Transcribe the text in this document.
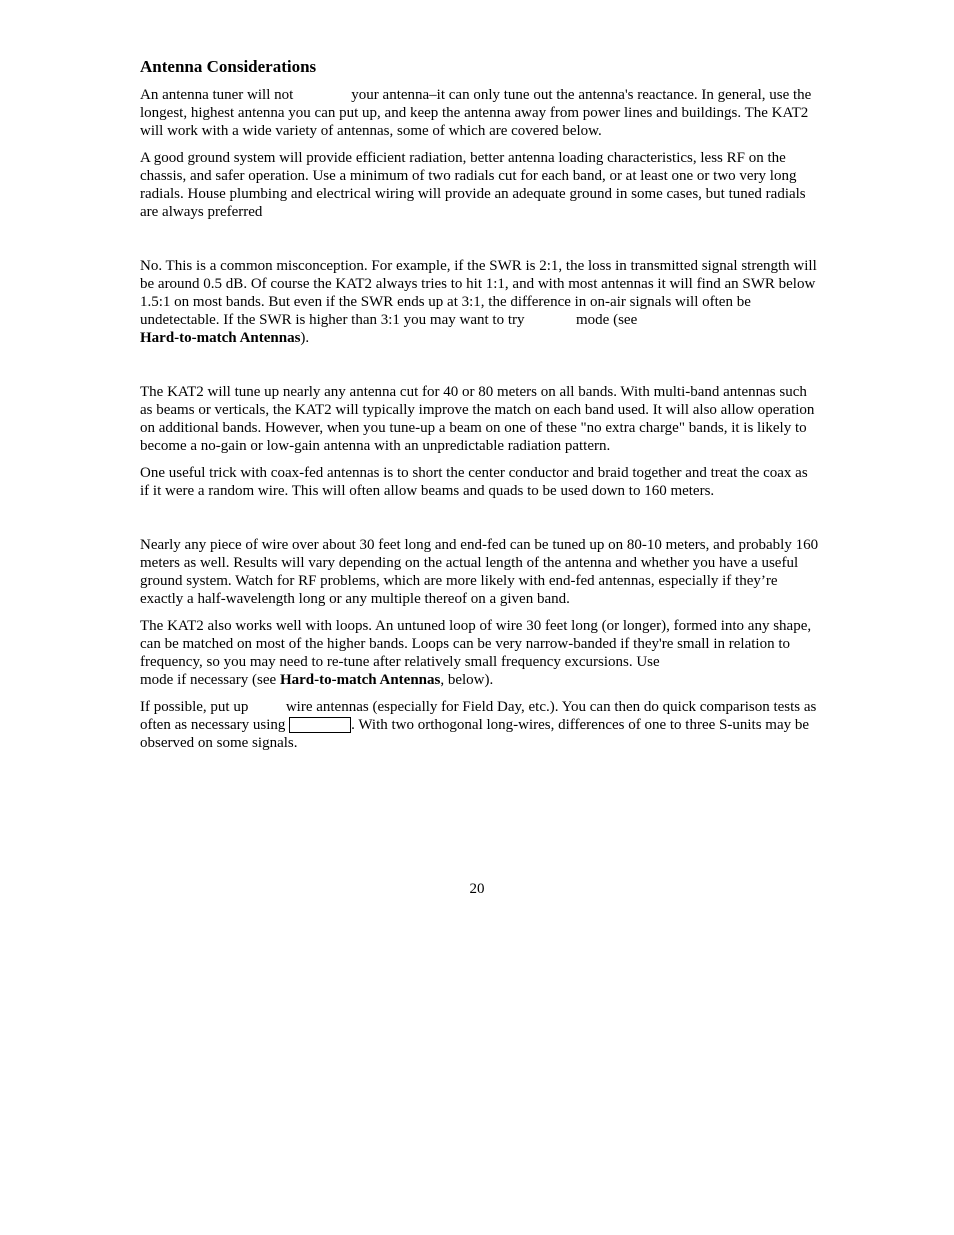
Antenna Considerations

An antenna tuner will not	your antenna–it can only tune out the antenna's reactance. In general, use the longest, highest antenna you can put up, and keep the antenna away from power lines and buildings. The KAT2 will work with a wide variety of antennas, some of which are covered below.

A good ground system will provide efficient radiation, better antenna loading characteristics, less RF on the chassis, and safer operation. Use a minimum of two radials cut for each band, or at least one or two very long radials. House plumbing and electrical wiring will provide an adequate ground in some cases, but tuned radials are always preferred

No. This is a common misconception. For example, if the SWR is 2:1, the loss in transmitted signal strength will be around 0.5 dB. Of course the KAT2 always tries to hit 1:1, and with most antennas it will find an SWR below 1.5:1 on most bands. But even if the SWR ends up at 3:1, the difference in on-air signals will often be undetectable. If the SWR is higher than 3:1 you may want to try	mode (see
Hard-to-match Antennas).

The KAT2 will tune up nearly any antenna cut for 40 or 80 meters on all bands. With multi-band antennas such as beams or verticals, the KAT2 will typically improve the match on each band used. It will also allow operation on additional bands. However, when you tune-up a beam on one of these "no extra charge" bands, it is likely to become a no-gain or low-gain antenna with an unpredictable radiation pattern.

One useful trick with coax-fed antennas is to short the center conductor and braid together and treat the coax as if it were a random wire. This will often allow beams and quads to be used down to 160 meters.

Nearly any piece of wire over about 30 feet long and end-fed can be tuned up on 80-10 meters, and probably 160 meters as well. Results will vary depending on the actual length of the antenna and whether you have a useful ground system. Watch for RF problems, which are more likely with end-fed antennas, especially if they’re exactly a half-wavelength long or any multiple thereof on a given band.

The KAT2 also works well with loops. An untuned loop of wire 30 feet long (or longer), formed into any shape, can be matched on most of the higher bands. Loops can be very narrow-banded if they're small in relation to frequency, so you may need to re-tune after relatively small frequency excursions. Use
mode if necessary (see Hard-to-match Antennas, below).

If possible, put up	wire antennas (especially for Field Day, etc.). You can then do quick comparison tests as often as necessary using	. With two orthogonal long-wires, differences of one to three S-units may be observed on some signals.

20
